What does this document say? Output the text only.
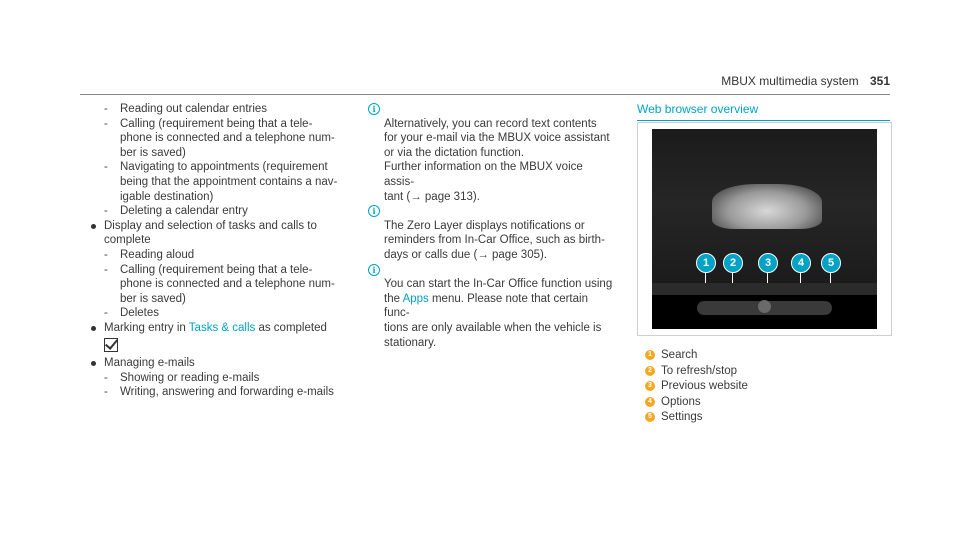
MBUX multimedia system 351
- Reading out calendar entries
- Calling (requirement being that a tele-
phone is connected and a telephone num-
ber is saved)
- Navigating to appointments (requirement being that the appointment contains a nav-
igable destination)
- Deleting a calendar entry
Display and selection of tasks and calls to complete
- Reading aloud
- Calling (requirement being that a tele-
phone is connected and a telephone num-
ber is saved)
- Deletes
Marking entry in Tasks & calls as completed

Managing e-mails
- Showing or reading e-mails
- Writing, answering and forwarding e-mails

i
Alternatively, you can record text contents for your e-mail via the MBUX voice assistant or via the dictation function.
Further information on the MBUX voice assis-
tant (→ page 313).

i
The Zero Layer displays notifications or reminders from In-Car Office, such as birth-
days or calls due (→ page 305).

i
You can start the In-Car Office function using the Apps menu. Please note that certain func-
tions are only available when the vehicle is stationary.

Web browser overview
1	2	3	4	5
1 Search
2 To refresh/stop
3 Previous website
4 Options
5 Settings
